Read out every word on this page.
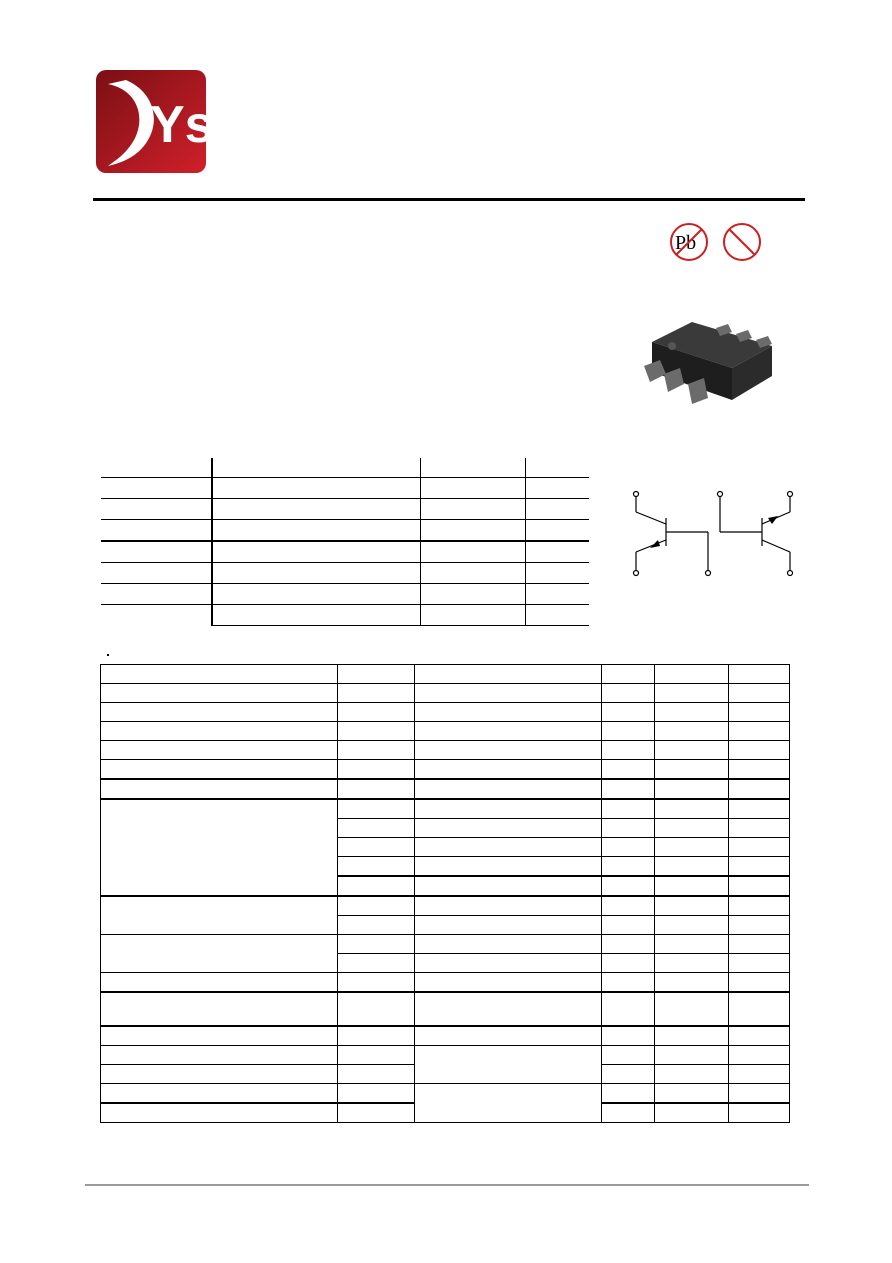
Ys
Pb
